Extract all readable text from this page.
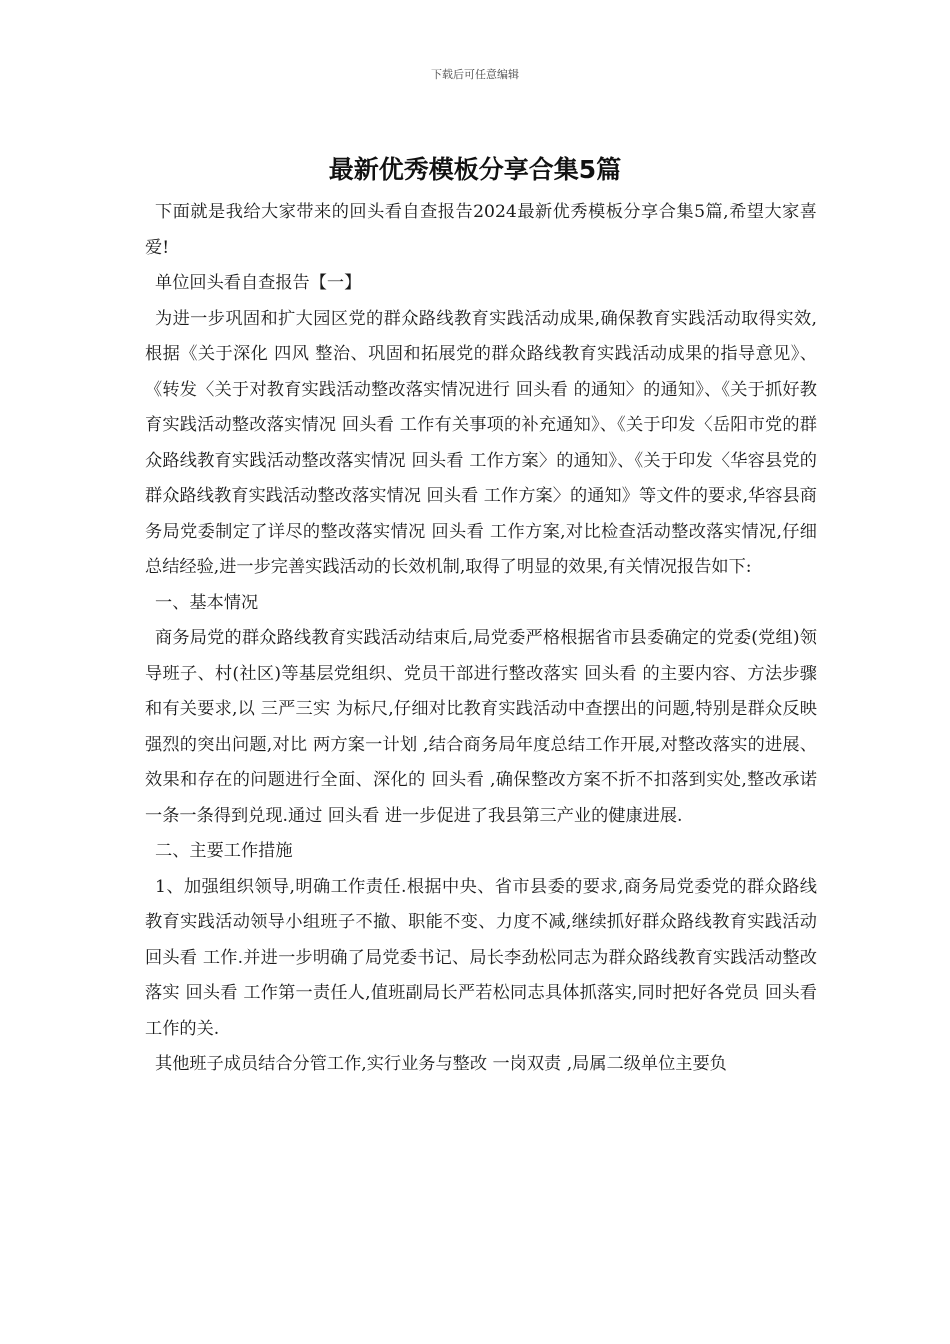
下载后可任意编辑
最新优秀模板分享合集5篇

下面就是我给大家带来的回头看自查报告2024最新优秀模板分享合集5篇,希望大家喜爱!

单位回头看自查报告【一】

为进一步巩固和扩大园区党的群众路线教育实践活动成果,确保教育实践活动取得实效,根据《关于深化 四风 整治、巩固和拓展党的群众路线教育实践活动成果的指导意见》、《转发〈关于对教育实践活动整改落实情况进行 回头看 的通知〉的通知》、《关于抓好教育实践活动整改落实情况 回头看 工作有关事项的补充通知》、《关于印发〈岳阳市党的群众路线教育实践活动整改落实情况 回头看 工作方案〉的通知》、《关于印发〈华容县党的群众路线教育实践活动整改落实情况 回头看 工作方案〉的通知》等文件的要求,华容县商务局党委制定了详尽的整改落实情况 回头看 工作方案,对比检查活动整改落实情况,仔细总结经验,进一步完善实践活动的长效机制,取得了明显的效果,有关情况报告如下:

一、基本情况

商务局党的群众路线教育实践活动结束后,局党委严格根据省市县委确定的党委(党组)领导班子、村(社区)等基层党组织、党员干部进行整改落实 回头看 的主要内容、方法步骤和有关要求,以 三严三实 为标尺,仔细对比教育实践活动中查摆出的问题,特别是群众反映强烈的突出问题,对比 两方案一计划 ,结合商务局年度总结工作开展,对整改落实的进展、效果和存在的问题进行全面、深化的 回头看 ,确保整改方案不折不扣落到实处,整改承诺一条一条得到兑现.通过 回头看 进一步促进了我县第三产业的健康进展.

二、主要工作措施

1、加强组织领导,明确工作责任.根据中央、省市县委的要求,商务局党委党的群众路线教育实践活动领导小组班子不撤、职能不变、力度不减,继续抓好群众路线教育实践活动 回头看 工作.并进一步明确了局党委书记、局长李劲松同志为群众路线教育实践活动整改落实 回头看 工作第一责任人,值班副局长严若松同志具体抓落实,同时把好各党员 回头看 工作的关.

其他班子成员结合分管工作,实行业务与整改 一岗双责 ,局属二级单位主要负
